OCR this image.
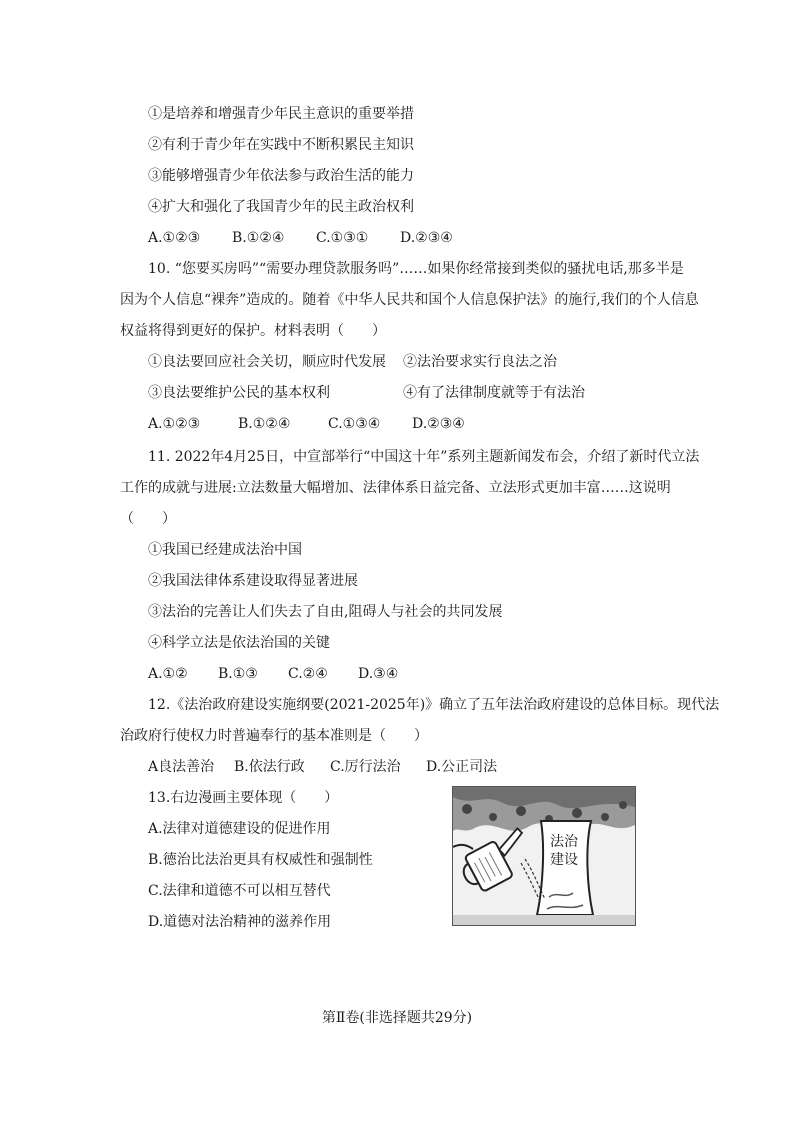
①是培养和增强青少年民主意识的重要举措
②有利于青少年在实践中不断积累民主知识
③能够增强青少年依法参与政治生活的能力
④扩大和强化了我国青少年的民主政治权利
A.①②③ B.①②④ C.①③① D.②③④
10. “您要买房吗”“需要办理贷款服务吗”……如果你经常接到类似的骚扰电话,那多半是
因为个人信息“裸奔”造成的。随着《中华人民共和国个人信息保护法》的施行,我们的个人信息
权益将得到更好的保护。材料表明（　　）
①良法要回应社会关切，顺应时代发展 ②法治要求实行良法之治
③良法要维护公民的基本权利	④有了法律制度就等于有法治
A.①②③	B.①②④	C.①③④ D.②③④
11. 2022年4月25日，中宣部举行“中国这十年”系列主题新闻发布会，介绍了新时代立法
工作的成就与进展:立法数量大幅增加、法律体系日益完备、立法形式更加丰富……这说明
（　　）
①我国已经建成法治中国
②我国法律体系建设取得显著进展
③法治的完善让人们失去了自由,阻碍人与社会的共同发展
④科学立法是依法治国的关键
A.①② B.①③ C.②④ D.③④
12.《法治政府建设实施纲要(2021-2025年)》确立了五年法治政府建设的总体目标。现代法
治政府行使权力时普遍奉行的基本准则是（　　）
A良法善治 B.依法行政 C.厉行法治 D.公正司法
13.右边漫画主要体现（　　）
A.法律对道德建设的促进作用
B.德治比法治更具有权威性和强制性
C.法律和道德不可以相互替代
D.道德对法治精神的滋养作用
法治
建设
第Ⅱ卷(非选择题共29分)
